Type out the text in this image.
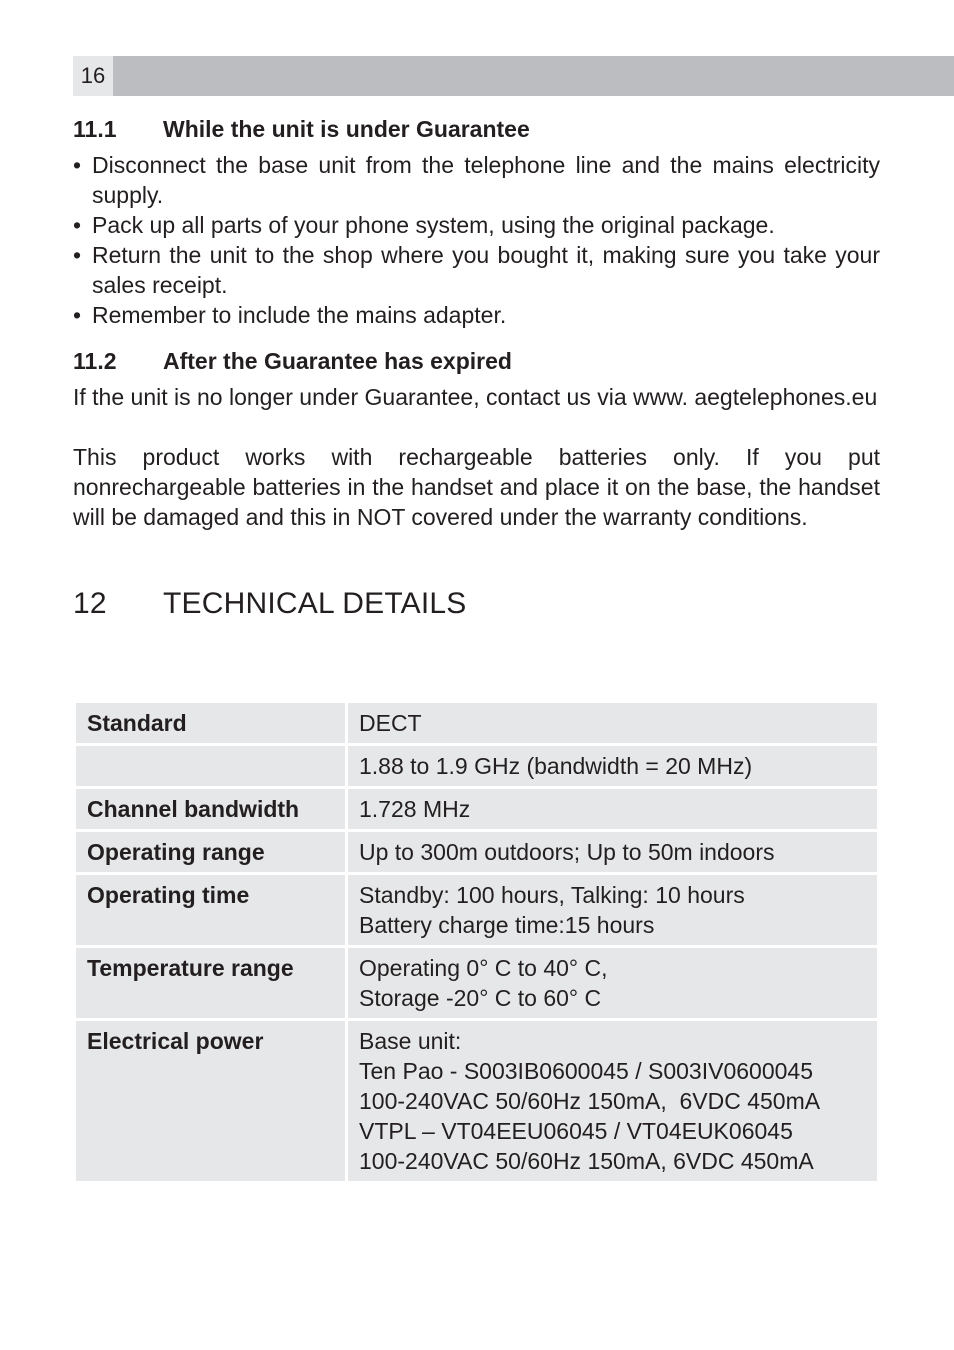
16
11.1	While the unit is under Guarantee
• Disconnect the base unit from the telephone line and the mains electricity supply.
• Pack up all parts of your phone system, using the original package.
• Return the unit to the shop where you bought it, making sure you take your sales receipt.
• Remember to include the mains adapter.
11.2	After the Guarantee has expired

If the unit is no longer under Guarantee, contact us via www. aegtelephones.eu

This product works with rechargeable batteries only. If you put nonrechargeable batteries in the handset and place it on the base, the handset will be damaged and this in NOT covered under the warranty conditions.

12	TECHNICAL DETAILS
Standard	DECT

	1.88 to 1.9 GHz (bandwidth = 20 MHz)

Channel bandwidth	1.728 MHz

Operating range	Up to 300m outdoors; Up to 50m indoors

Operating time	Standby: 100 hours, Talking: 10 hours
Battery charge time:15 hours

Temperature range	Operating 0° C to 40° C,
Storage -20° C to 60° C

Electrical power	Base unit:
Ten Pao - S003IB0600045 / S003IV0600045
100-240VAC 50/60Hz 150mA,  6VDC 450mA
VTPL – VT04EEU06045 / VT04EUK06045
100-240VAC 50/60Hz 150mA, 6VDC 450mA
